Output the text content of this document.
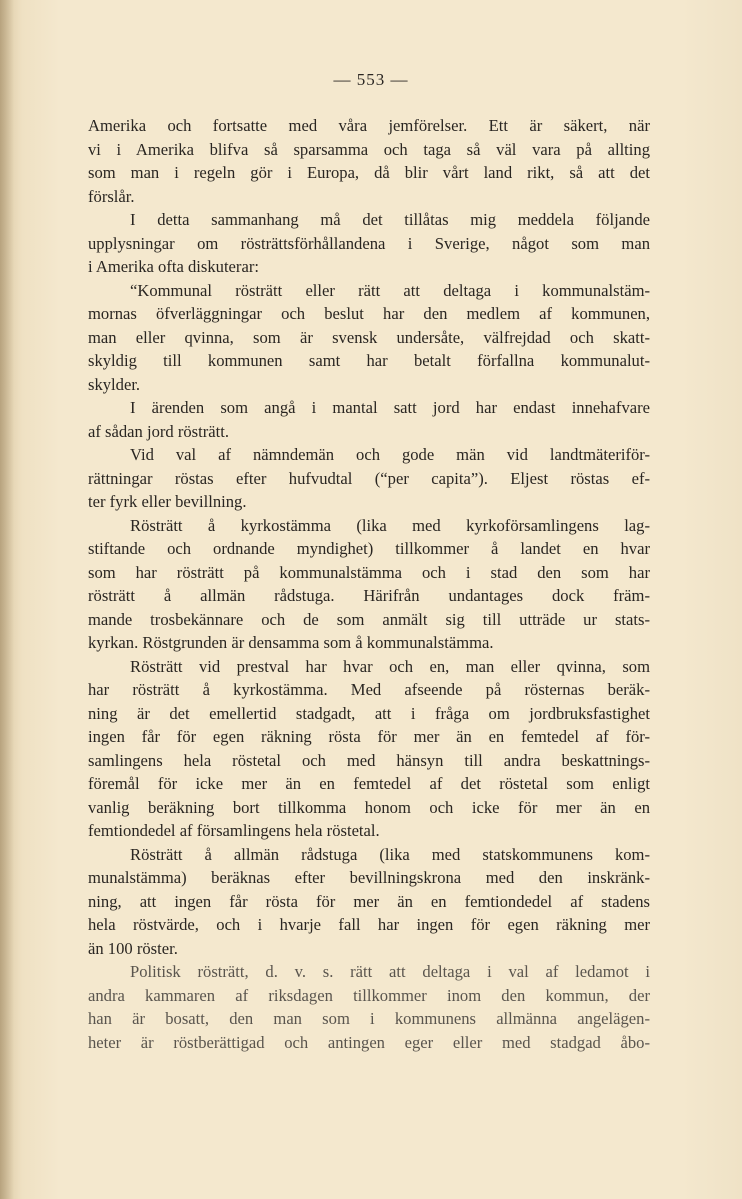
— 553 —
Amerika och fortsatte med våra jemförelser. Ett är säkert, när
vi i Amerika blifva så sparsamma och taga så väl vara på allting
som man i regeln gör i Europa, då blir vårt land rikt, så att det
förslår.
I detta sammanhang må det tillåtas mig meddela följande
upplysningar om rösträttsförhållandena i Sverige, något som man
i Amerika ofta diskuterar:
“Kommunal rösträtt eller rätt att deltaga i kommunalstäm-
mornas öfverläggningar och beslut har den medlem af kommunen,
man eller qvinna, som är svensk undersåte, välfrejdad och skatt-
skyldig till kommunen samt har betalt förfallna kommunalut-
skylder.
I ärenden som angå i mantal satt jord har endast innehafvare
af sådan jord rösträtt.
Vid val af nämndemän och gode män vid landtmäteriför-
rättningar röstas efter hufvudtal (“per capita”). Eljest röstas ef-
ter fyrk eller bevillning.
Rösträtt å kyrkostämma (lika med kyrkoförsamlingens lag-
stiftande och ordnande myndighet) tillkommer å landet en hvar
som har rösträtt på kommunalstämma och i stad den som har
rösträtt å allmän rådstuga. Härifrån undantages dock främ-
mande trosbekännare och de som anmält sig till utträde ur stats-
kyrkan. Röstgrunden är densamma som å kommunalstämma.
Rösträtt vid prestval har hvar och en, man eller qvinna, som
har rösträtt å kyrkostämma. Med afseende på rösternas beräk-
ning är det emellertid stadgadt, att i fråga om jordbruksfastighet
ingen får för egen räkning rösta för mer än en femtedel af för-
samlingens hela röstetal och med hänsyn till andra beskattnings-
föremål för icke mer än en femtedel af det röstetal som enligt
vanlig beräkning bort tillkomma honom och icke för mer än en
femtiondedel af församlingens hela röstetal.
Rösträtt å allmän rådstuga (lika med statskommunens kom-
munalstämma) beräknas efter bevillningskrona med den inskränk-
ning, att ingen får rösta för mer än en femtiondedel af stadens
hela röstvärde, och i hvarje fall har ingen för egen räkning mer
än 100 röster.
Politisk rösträtt, d. v. s. rätt att deltaga i val af ledamot i
andra kammaren af riksdagen tillkommer inom den kommun, der
han är bosatt, den man som i kommunens allmänna angelägen-
heter är röstberättigad och antingen eger eller med stadgad åbo-
